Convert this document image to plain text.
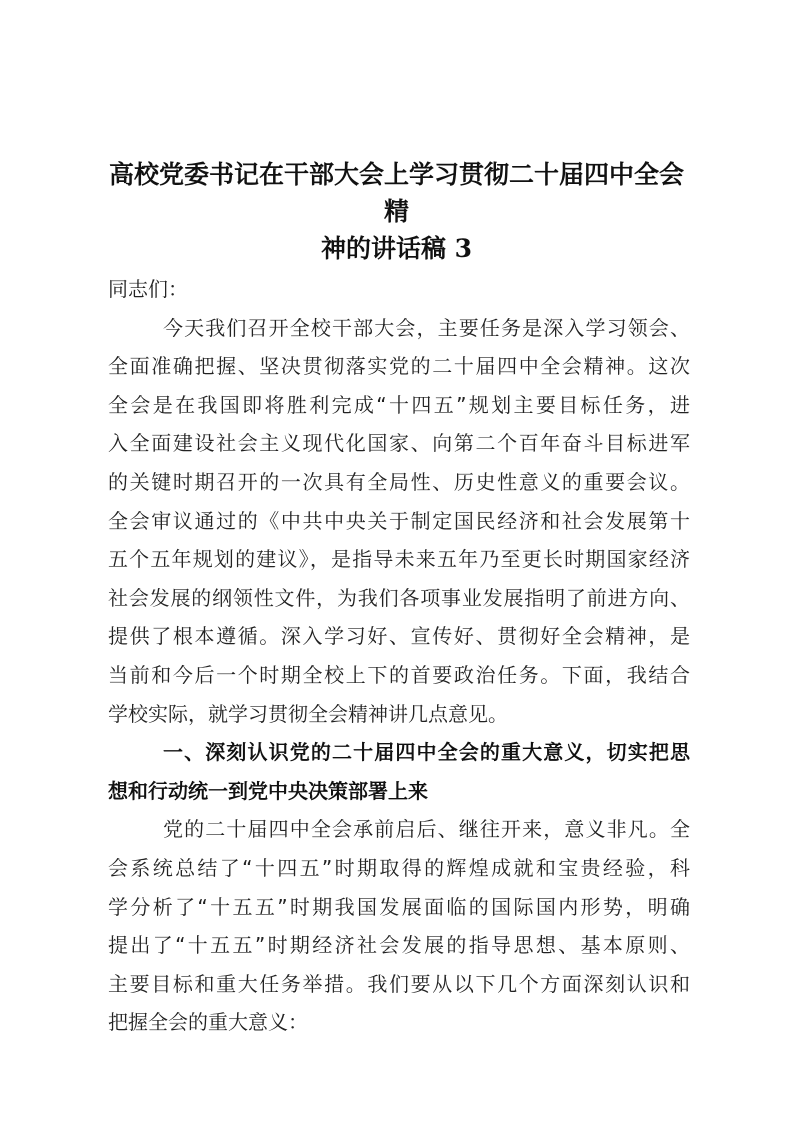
高校党委书记在干部大会上学习贯彻二十届四中全会精
神的讲话稿 3
同志们：
今天我们召开全校干部大会，主要任务是深入学习领会、
全面准确把握、坚决贯彻落实党的二十届四中全会精神。这次
全会是在我国即将胜利完成“十四五”规划主要目标任务，进
入全面建设社会主义现代化国家、向第二个百年奋斗目标进军
的关键时期召开的一次具有全局性、历史性意义的重要会议。
全会审议通过的《中共中央关于制定国民经济和社会发展第十
五个五年规划的建议》，是指导未来五年乃至更长时期国家经济
社会发展的纲领性文件，为我们各项事业发展指明了前进方向、
提供了根本遵循。深入学习好、宣传好、贯彻好全会精神，是
当前和今后一个时期全校上下的首要政治任务。下面，我结合
学校实际，就学习贯彻全会精神讲几点意见。
一、深刻认识党的二十届四中全会的重大意义，切实把思
想和行动统一到党中央决策部署上来
党的二十届四中全会承前启后、继往开来，意义非凡。全
会系统总结了“十四五”时期取得的辉煌成就和宝贵经验，科
学分析了“十五五”时期我国发展面临的国际国内形势，明确
提出了“十五五”时期经济社会发展的指导思想、基本原则、
主要目标和重大任务举措。我们要从以下几个方面深刻认识和
把握全会的重大意义：
